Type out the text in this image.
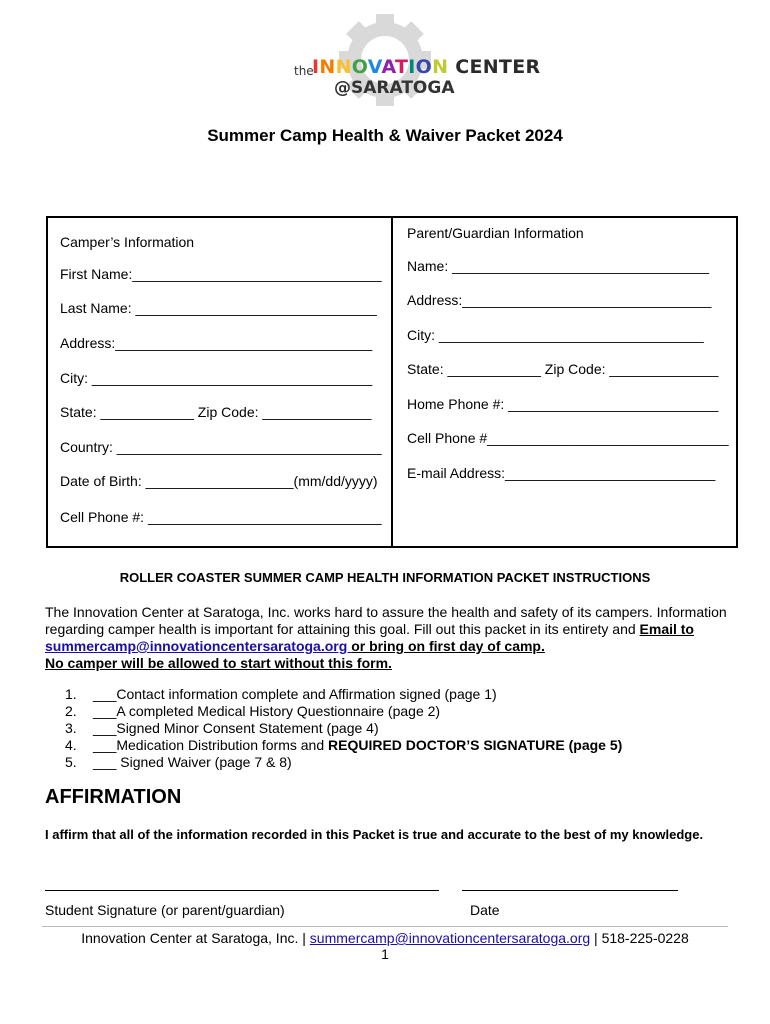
the
INNOVATION CENTER
@SARATOGA
Summer Camp Health & Waiver Packet 2024
Camper’s Information
First Name:________________________________
Last Name: _______________________________
Address:_________________________________
City: ____________________________________
State: ____________ Zip Code: ______________
Country: __________________________________
Date of Birth: ___________________(mm/dd/yyyy)
Cell Phone #: ______________________________
Parent/Guardian Information
Name: _________________________________
Address:________________________________
City: __________________________________
State: ____________ Zip Code: ______________
Home Phone #: ___________________________
Cell Phone #_______________________________
E-mail Address:___________________________
ROLLER COASTER SUMMER CAMP HEALTH INFORMATION PACKET INSTRUCTIONS
The Innovation Center at Saratoga, Inc. works hard to assure the health and safety of its campers. Information regarding camper health is important for attaining this goal. Fill out this packet in its entirety and Email to summercamp@innovationcentersaratoga.org or bring on first day of camp.
No camper will be allowed to start without this form.
1. ___Contact information complete and Affirmation signed (page 1)
2. ___A completed Medical History Questionnaire (page 2)
3. ___Signed Minor Consent Statement (page 4)
4. ___Medication Distribution forms and REQUIRED DOCTOR’S SIGNATURE (page 5)
5. ___ Signed Waiver (page 7 & 8)
AFFIRMATION
I affirm that all of the information recorded in this Packet is true and accurate to the best of my knowledge.
Student Signature (or parent/guardian)	Date
Innovation Center at Saratoga, Inc. | summercamp@innovationcentersaratoga.org | 518-225-0228
1
